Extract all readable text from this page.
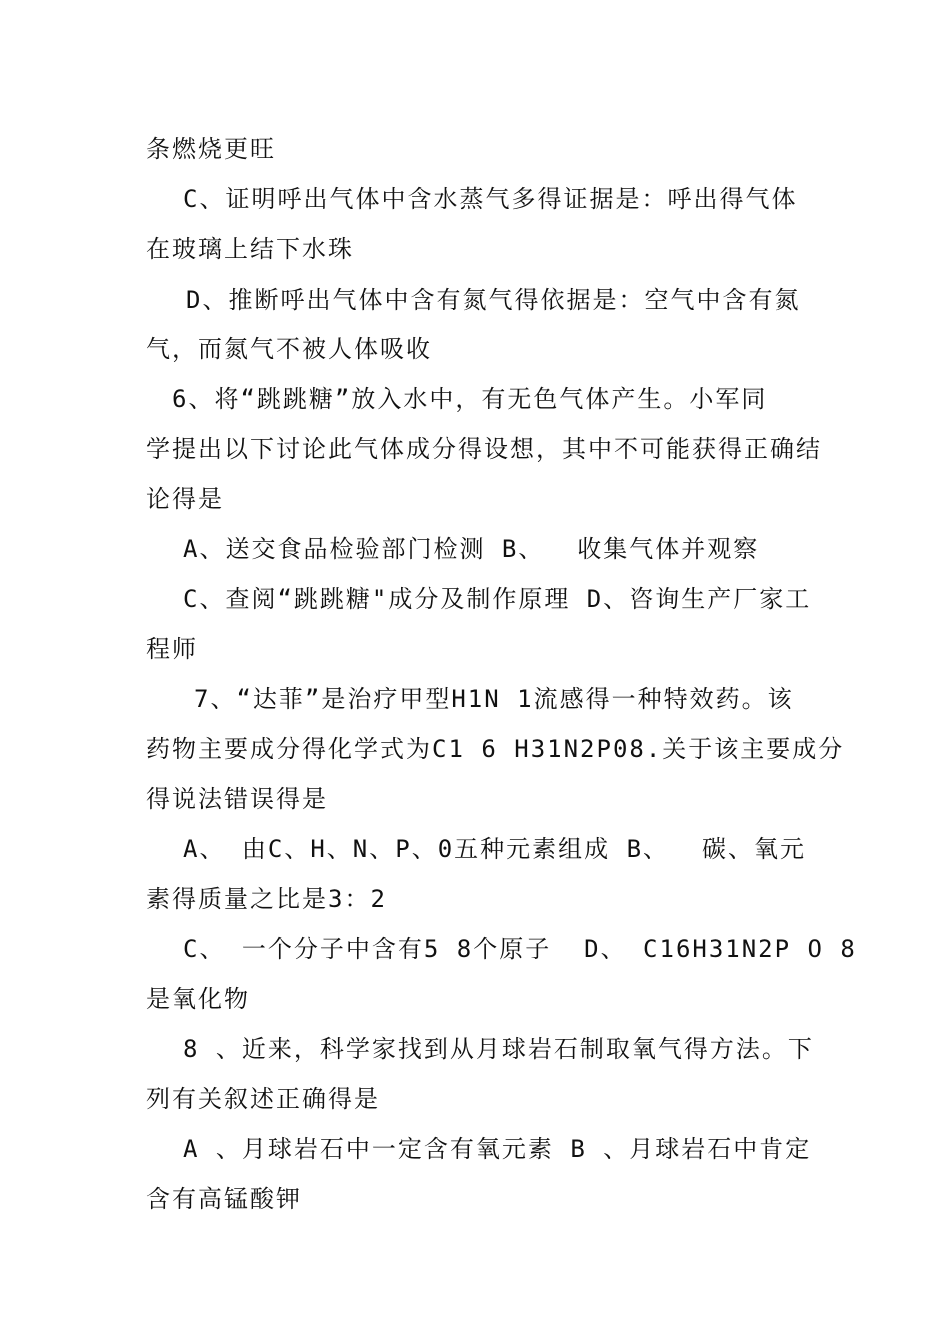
条燃烧更旺
C、证明呼出气体中含水蒸气多得证据是：呼出得气体
在玻璃上结下水珠
D、推断呼出气体中含有氮气得依据是：空气中含有氮
气，而氮气不被人体吸收
6、将“跳跳糖”放入水中，有无色气体产生。小军同
学提出以下讨论此气体成分得设想，其中不可能获得正确结
论得是
A、送交食品检验部门检测 B、  收集气体并观察
C、查阅“跳跳糖"成分及制作原理 D、咨询生产厂家工
程师
7、“达菲”是治疗甲型H1N 1流感得一种特效药。该
药物主要成分得化学式为C1 6 H31N2P08.关于该主要成分
得说法错误得是
A、 由C、H、N、P、0五种元素组成 B、  碳、氧元
素得质量之比是3：2
C、 一个分子中含有5 8个原子  D、 C16H31N2P O 8
是氧化物
8 、近来，科学家找到从月球岩石制取氧气得方法。下
列有关叙述正确得是
A 、月球岩石中一定含有氧元素 B 、月球岩石中肯定
含有高锰酸钾
